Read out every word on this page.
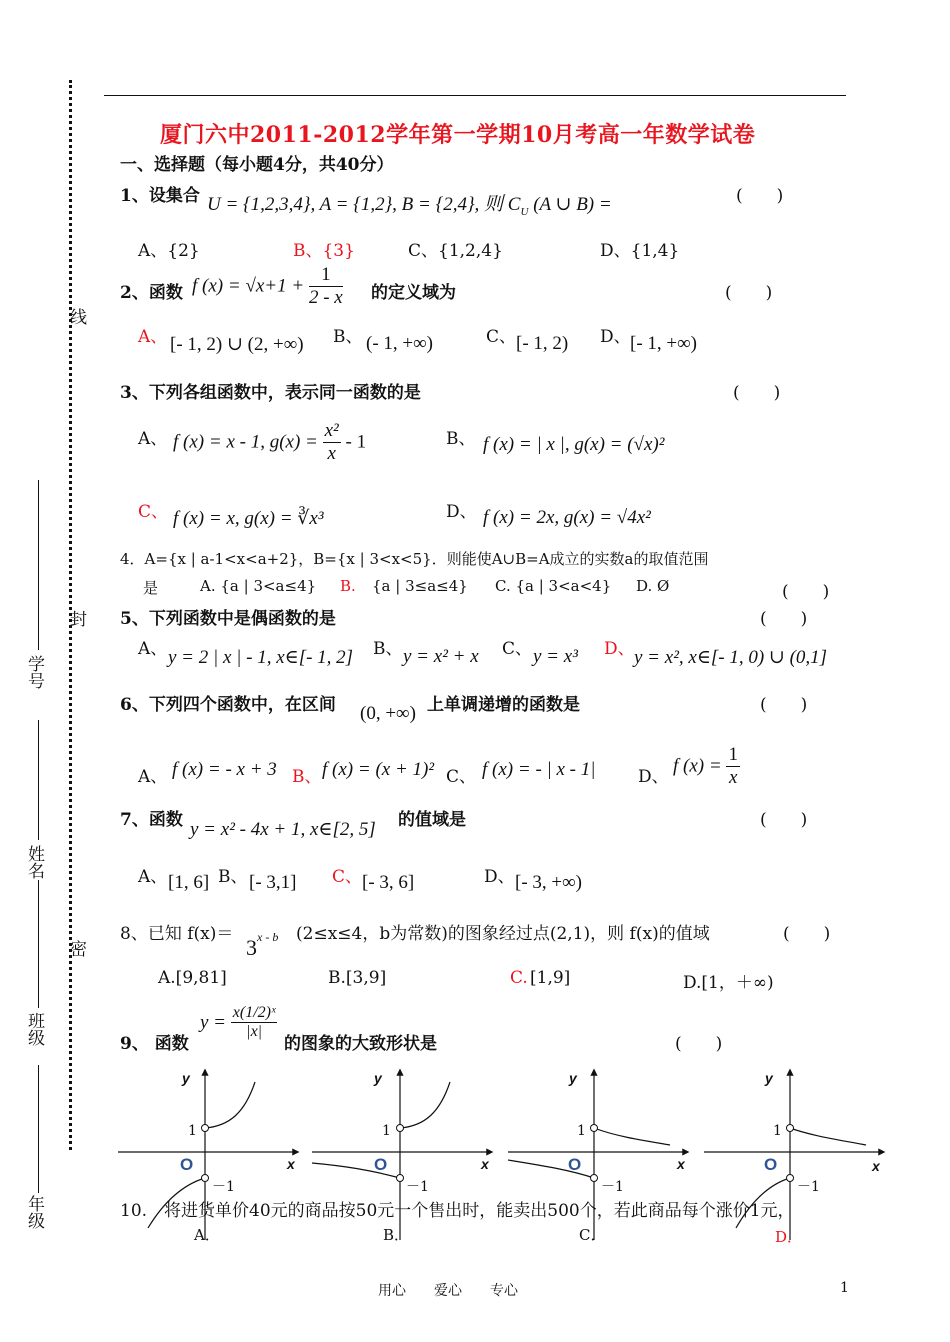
线
封
密
学号
姓名
班级
年级
厦门六中2011-2012学年第一学期10月考高一年数学试卷
一、选择题（每小题4分，共40分）
1、设集合 U = {1,2,3,4}, A = {1,2}, B = {2,4}, 则 $C_U$ (A ∪ B) =	(　　)
A、{2}	B、{3}	C、{1,2,4}	D、{1,4}
2、函数 f $(x) = √x+1 + \frac{1}{2 - x}$ 的定义域为	(　　)
A、 [- 1, 2) ∪ (2, +∞) B、 (- 1, +∞)	C、 [- 1, 2) D、 [- 1, +∞)
3、下列各组函数中，表示同一函数的是	(　　)
A、 f (x) = x - 1, $g(x) = \frac{\text{x²}}{x} - 1$	B、 f (x) = | x |, g(x) = (√x)²
C、 f (x) = x, g(x) = ∛x³	D、 f (x) = 2x, g(x) = √4x²
4．A={x | a-1<x<a+2}，B={x | 3<x<5}．则能使A∪B=A成立的实数a的取值范围
是	A. {a | 3<a≤4} B. {a | 3≤a≤4} C. {a | 3<a<4} D. Ø	(　　)
5、下列函数中是偶函数的是	(　　)
A、 y = 2 | x | - 1, x∈[- 1, 2] B、 y = x² + x C、 y = x³ D、 y = x², x∈[- 1, 0) ∪ (0,1]
6、下列四个函数中，在区间 (0, +∞) 上单调递增的函数是	(　　)
A、 f (x) = - x + 3 B、 f (x) = (x + 1)² C、 f (x) = - | x - 1|	D、
f $(x) = \frac{1}{x}$
7、函数 y = x² - 4x + 1, x∈[2, 5] 的值域是	(　　)
A、 [1, 6] B、 [- 3,1] C、 [- 3, 6]	D、 [- 3, +∞)
8、已知 f(x)＝
$3^{x - b}$ (2≤x≤4，b为常数)的图象经过点(2,1)，则 f(x)的值域	(　　)
A.[9,81]	B.[3,9]	C. [1,9]	D.[1，＋∞)
9、 函数
$y = \frac{\text{x(1/2)ˣ}}{|x|}$
的图象的大致形状是	(　　)
y
1
O
－1
x
A．
y
1
O
－1
x
B．
y
1
O
－1
x
C．
y
1
O
－1
x
D．
10.　将进货单价40元的商品按50元一个售出时，能卖出500个，若此商品每个涨价1元，
用心　　爱心　　专心	1
